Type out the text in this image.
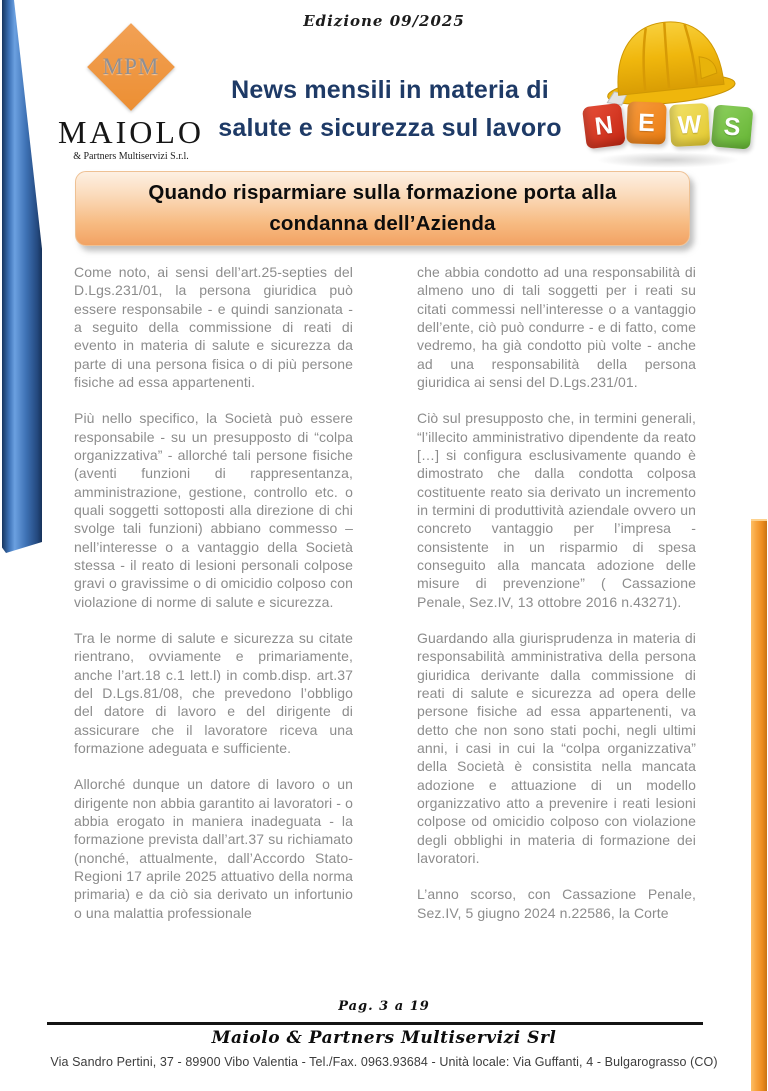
Edizione 09/2025
MPM
MAIOLO
& Partners Multiservizi S.r.l.
News mensili in materia di
salute e sicurezza sul lavoro	N E W S
Quando risparmiare sulla formazione porta alla condanna dell’Azienda

Come noto, ai sensi dell’art.25-septies del D.Lgs.231/01, la persona giuridica può essere responsabile - e quindi sanzionata - a seguito della commissione di reati di evento in materia di salute e sicurezza da parte di una persona fisica o di più persone fisiche ad essa appartenenti.

Più nello specifico, la Società può essere responsabile - su un presupposto di “colpa organizzativa” - allorché tali persone fisiche (aventi funzioni di rappresentanza, amministrazione, gestione, controllo etc. o quali soggetti sottoposti alla direzione di chi svolge tali funzioni) abbiano commesso – nell’interesse o a vantaggio della Società stessa - il reato di lesioni personali colpose gravi o gravissime o di omicidio colposo con violazione di norme di salute e sicurezza.

Tra le norme di salute e sicurezza su citate rientrano, ovviamente e primariamente, anche l’art.18 c.1 lett.l) in comb.disp. art.37 del D.Lgs.81/08, che prevedono l’obbligo del datore di lavoro e del dirigente di assicurare che il lavoratore riceva una formazione adeguata e sufficiente.

Allorché dunque un datore di lavoro o un dirigente non abbia garantito ai lavoratori - o abbia erogato in maniera inadeguata - la formazione prevista dall’art.37 su richiamato (nonché, attualmente, dall’Accordo Stato-Regioni 17 aprile 2025 attuativo della norma primaria) e da ciò sia derivato un infortunio o una malattia professionale

che abbia condotto ad una responsabilità di almeno uno di tali soggetti per i reati su citati commessi nell’interesse o a vantaggio dell’ente, ciò può condurre - e di fatto, come vedremo, ha già condotto più volte - anche ad una responsabilità della persona giuridica ai sensi del D.Lgs.231/01.

Ciò sul presupposto che, in termini generali, “l’illecito amministrativo dipendente da reato […] si configura esclusivamente quando è dimostrato che dalla condotta colposa costituente reato sia derivato un incremento in termini di produttività aziendale ovvero un concreto vantaggio per l’impresa - consistente in un risparmio di spesa conseguito alla mancata adozione delle misure di prevenzione” ( Cassazione Penale, Sez.IV, 13 ottobre 2016 n.43271).

Guardando alla giurisprudenza in materia di responsabilità amministrativa della persona giuridica derivante dalla commissione di reati di salute e sicurezza ad opera delle persone fisiche ad essa appartenenti, va detto che non sono stati pochi, negli ultimi anni, i casi in cui la “colpa organizzativa” della Società è consistita nella mancata adozione e attuazione di un modello organizzativo atto a prevenire i reati lesioni colpose od omicidio colposo con violazione degli obblighi in materia di formazione dei lavoratori.

L’anno scorso, con Cassazione Penale, Sez.IV, 5 giugno 2024 n.22586, la Corte

Pag. 3 a 19
Maiolo & Partners Multiservizi Srl
Via Sandro Pertini, 37 - 89900 Vibo Valentia - Tel./Fax. 0963.93684 - Unità locale: Via Guffanti, 4 - Bulgarograsso (CO)
